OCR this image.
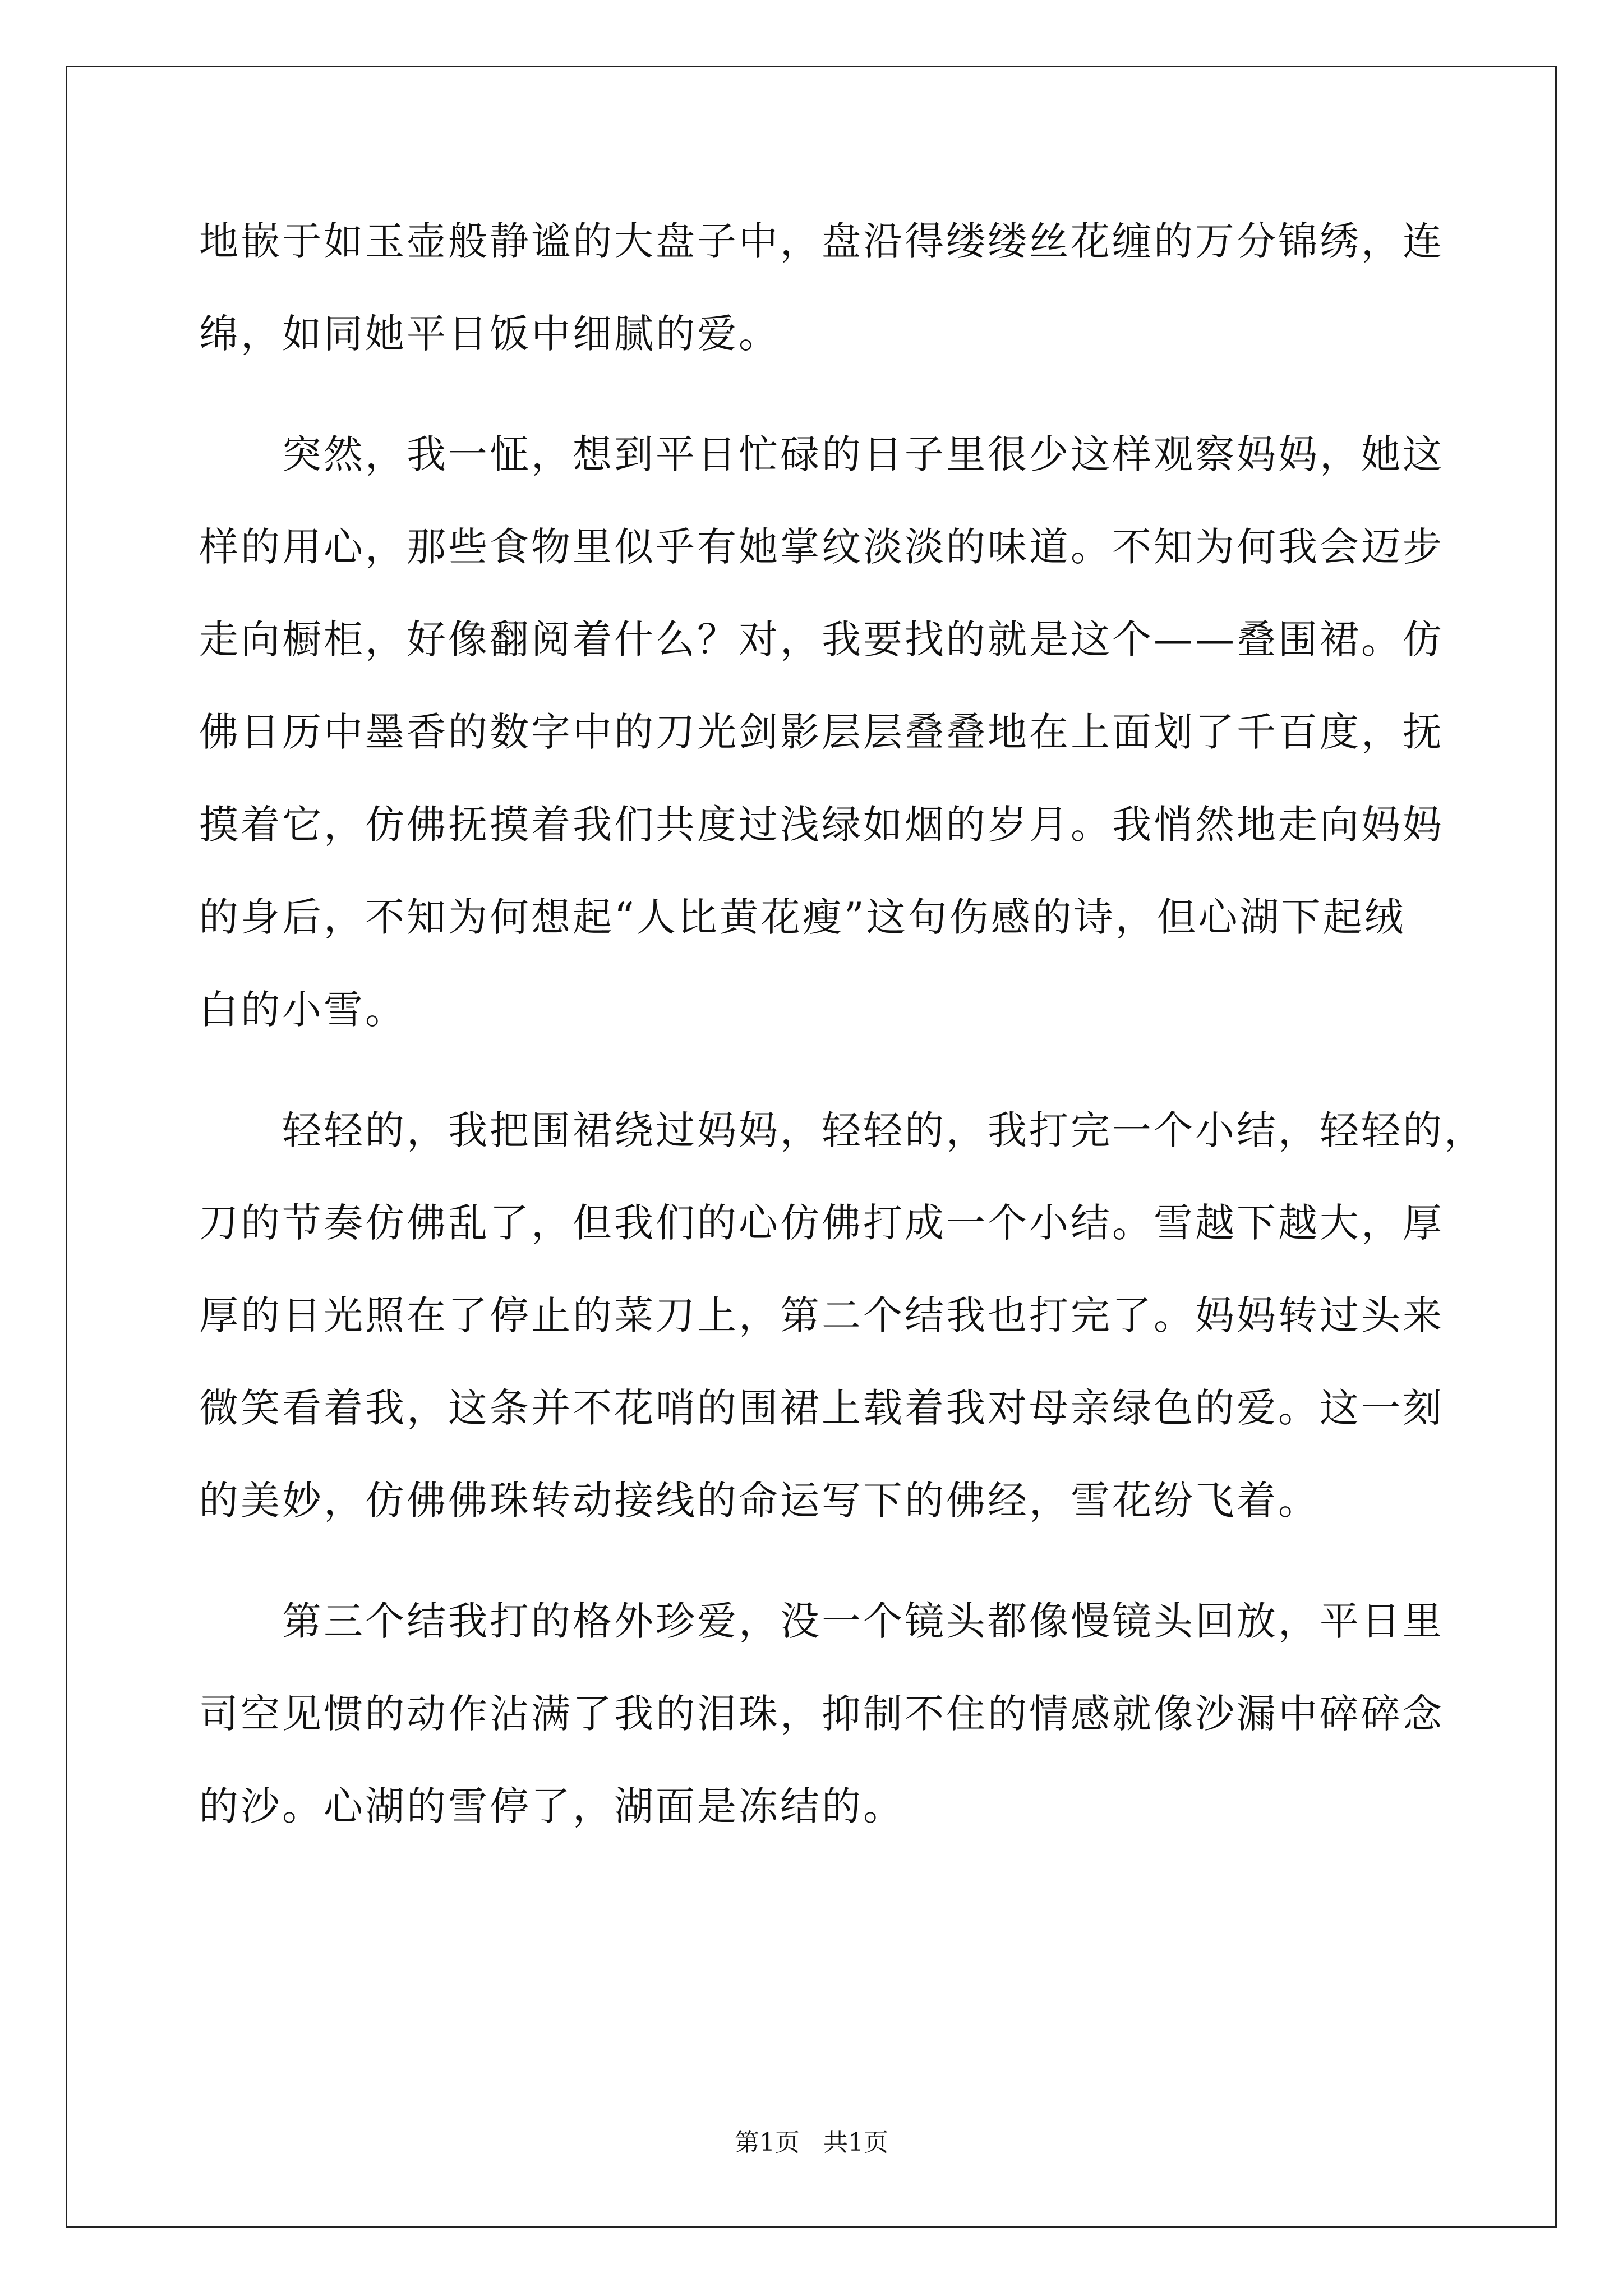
地嵌于如玉壶般静谧的大盘子中，盘沿得缕缕丝花缠的万分锦绣，连
绵，如同她平日饭中细腻的爱。
突然，我一怔，想到平日忙碌的日子里很少这样观察妈妈，她这
样的用心，那些食物里似乎有她掌纹淡淡的味道。不知为何我会迈步
走向橱柜，好像翻阅着什么？对，我要找的就是这个——叠围裙。仿
佛日历中墨香的数字中的刀光剑影层层叠叠地在上面划了千百度，抚
摸着它，仿佛抚摸着我们共度过浅绿如烟的岁月。我悄然地走向妈妈
的身后，不知为何想起“人比黄花瘦”这句伤感的诗，但心湖下起绒
白的小雪。
轻轻的，我把围裙绕过妈妈，轻轻的，我打完一个小结，轻轻的，
刀的节奏仿佛乱了，但我们的心仿佛打成一个小结。雪越下越大，厚
厚的日光照在了停止的菜刀上，第二个结我也打完了。妈妈转过头来
微笑看着我，这条并不花哨的围裙上载着我对母亲绿色的爱。这一刻
的美妙，仿佛佛珠转动接线的命运写下的佛经，雪花纷飞着。
第三个结我打的格外珍爱，没一个镜头都像慢镜头回放，平日里
司空见惯的动作沾满了我的泪珠，抑制不住的情感就像沙漏中碎碎念
的沙。心湖的雪停了，湖面是冻结的。
第1页   共1页
